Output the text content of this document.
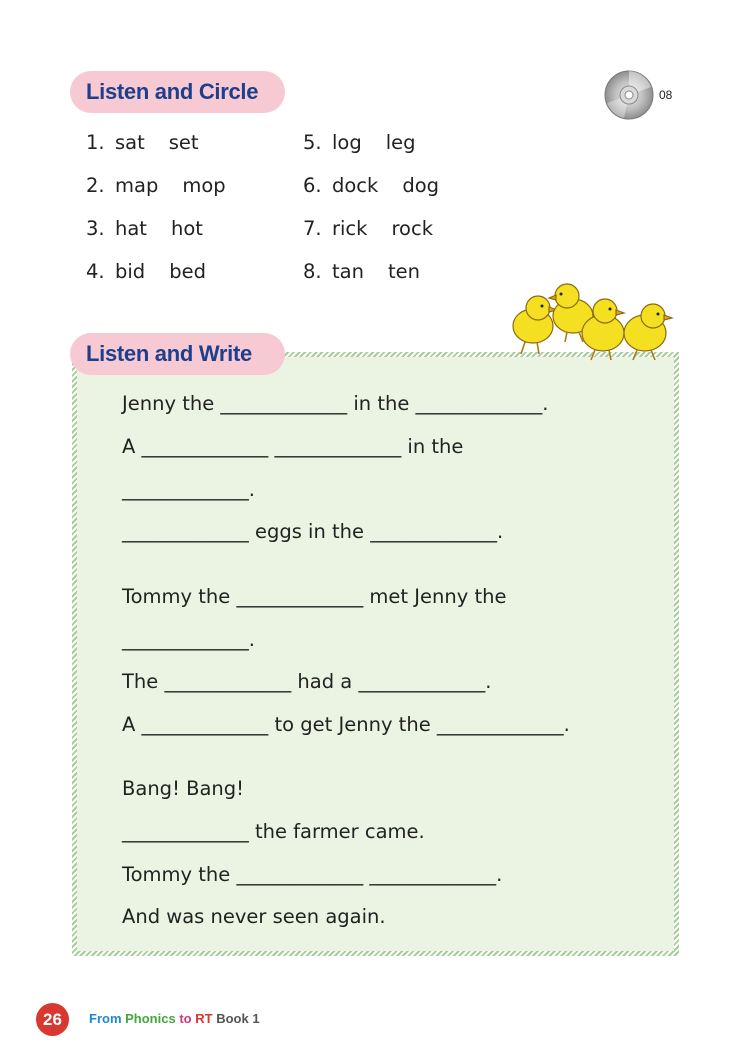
Listen and Circle	08
1. sat set
2. map mop
3. hat hot
4. bid bed
5. log leg
6. dock dog
7. rick rock
8. tan ten
Listen and Write
Jenny the _____________ in the _____________.
A _____________ _____________ in the
_____________.
_____________ eggs in the _____________.
Tommy the _____________ met Jenny the
_____________.
The _____________ had a _____________.
A _____________ to get Jenny the _____________.
Bang! Bang!
_____________ the farmer came.
Tommy the _____________ _____________.
And was never seen again.
26	From Phonics to RT Book 1
